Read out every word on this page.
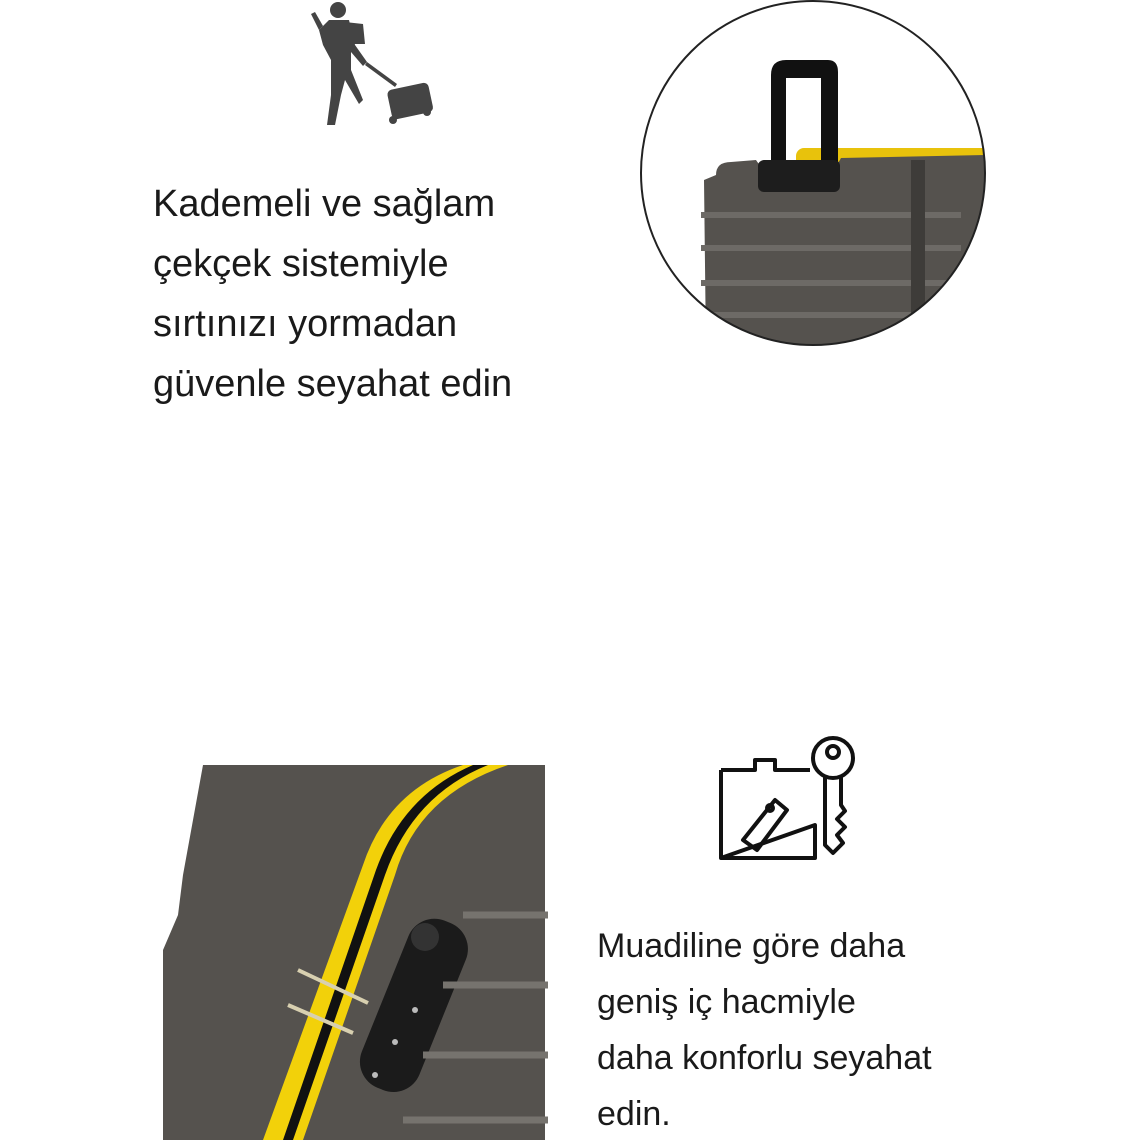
Kademeli ve sağlam
çekçek sistemiyle
sırtınızı yormadan
güvenle seyahat edin
Muadiline göre daha
geniş iç hacmiyle
daha konforlu seyahat
edin.
